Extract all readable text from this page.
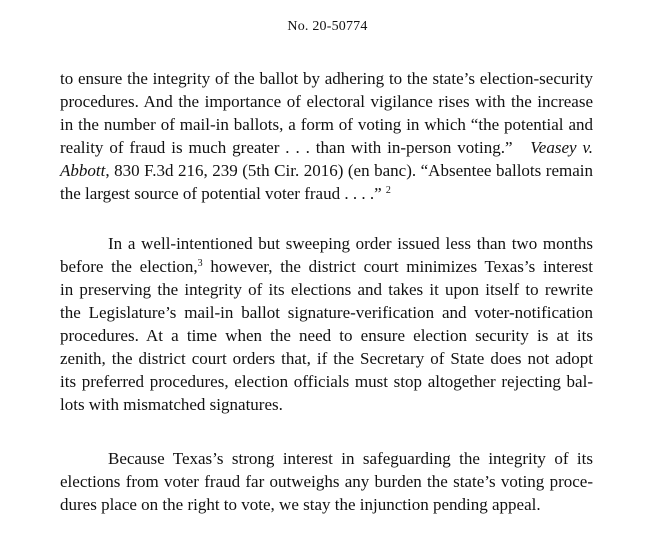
No. 20-50774
to ensure the integrity of the ballot by adhering to the state’s election-security
procedures. And the importance of electoral vigilance rises with the increase
in the number of mail-in ballots, a form of voting in which “the potential and
reality of fraud is much greater . . . than with in-person voting.” Veasey v.
Abbott, 830 F.3d 216, 239 (5th Cir. 2016) (en banc). “Absentee ballots remain
the largest source of potential voter fraud . . . .” $^2$
In a well-intentioned but sweeping order issued less than two months
before the election,$^3$ however, the district court minimizes Texas’s interest
in preserving the integrity of its elections and takes it upon itself to rewrite
the Legislature’s mail-in ballot signature-verification and voter-notification
procedures. At a time when the need to ensure election security is at its
zenith, the district court orders that, if the Secretary of State does not adopt
its preferred procedures, election officials must stop altogether rejecting bal-
lots with mismatched signatures.
Because Texas’s strong interest in safeguarding the integrity of its
elections from voter fraud far outweighs any burden the state’s voting proce-
dures place on the right to vote, we stay the injunction pending appeal.
